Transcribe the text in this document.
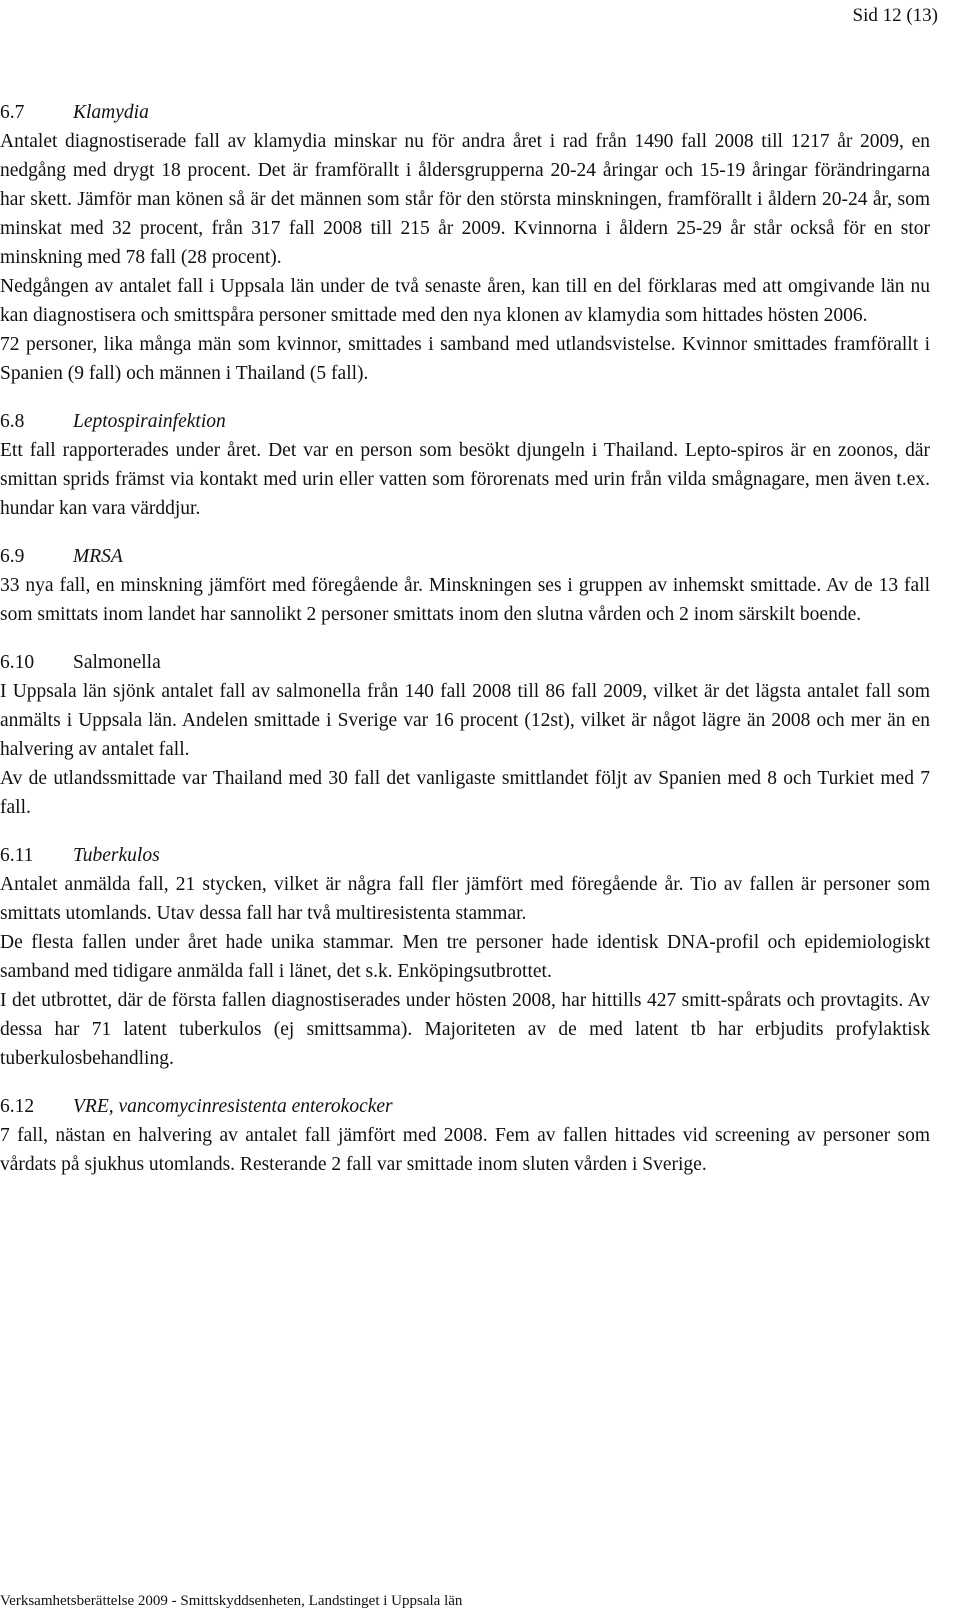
Sid 12 (13)
6.7	Klamydia

Antalet diagnostiserade fall av klamydia minskar nu för andra året i rad från 1490 fall 2008 till 1217 år 2009, en nedgång med drygt 18 procent. Det är framförallt i åldersgrupperna 20-24 åringar och 15-19 åringar förändringarna har skett. Jämför man könen så är det männen som står för den största minskningen, framförallt i åldern 20-24 år, som minskat med 32 procent, från 317 fall 2008 till 215 år 2009. Kvinnorna i åldern 25-29 år står också för en stor minskning med 78 fall (28 procent).

Nedgången av antalet fall i Uppsala län under de två senaste åren, kan till en del förklaras med att omgivande län nu kan diagnostisera och smittspåra personer smittade med den nya klonen av klamydia som hittades hösten 2006.

72 personer, lika många män som kvinnor, smittades i samband med utlandsvistelse. Kvinnor smittades framförallt i Spanien (9 fall) och männen i Thailand (5 fall).

6.8	Leptospirainfektion

Ett fall rapporterades under året. Det var en person som besökt djungeln i Thailand. Lepto-spiros är en zoonos, där smittan sprids främst via kontakt med urin eller vatten som förorenats med urin från vilda smågnagare, men även t.ex. hundar kan vara värddjur.

6.9	MRSA

33 nya fall, en minskning jämfört med föregående år. Minskningen ses i gruppen av inhemskt smittade. Av de 13 fall som smittats inom landet har sannolikt 2 personer smittats inom den slutna vården och 2 inom särskilt boende.

6.10	Salmonella

I Uppsala län sjönk antalet fall av salmonella från 140 fall 2008 till 86 fall 2009, vilket är det lägsta antalet fall som anmälts i Uppsala län. Andelen smittade i Sverige var 16 procent (12st), vilket är något lägre än 2008 och mer än en halvering av antalet fall.

Av de utlandssmittade var Thailand med 30 fall det vanligaste smittlandet följt av Spanien med 8 och Turkiet med 7 fall.

6.11	Tuberkulos

Antalet anmälda fall, 21 stycken, vilket är några fall fler jämfört med föregående år. Tio av fallen är personer som smittats utomlands. Utav dessa fall har två multiresistenta stammar.

De flesta fallen under året hade unika stammar. Men tre personer hade identisk DNA-profil och epidemiologiskt samband med tidigare anmälda fall i länet, det s.k. Enköpingsutbrottet.

I det utbrottet, där de första fallen diagnostiserades under hösten 2008, har hittills 427 smitt-spårats och provtagits. Av dessa har 71 latent tuberkulos (ej smittsamma). Majoriteten av de med latent tb har erbjudits profylaktisk tuberkulosbehandling.

6.12	VRE, vancomycinresistenta enterokocker

7 fall, nästan en halvering av antalet fall jämfört med 2008. Fem av fallen hittades vid screening av personer som vårdats på sjukhus utomlands. Resterande 2 fall var smittade inom sluten vården i Sverige.

Verksamhetsberättelse 2009 - Smittskyddsenheten, Landstinget i Uppsala län
